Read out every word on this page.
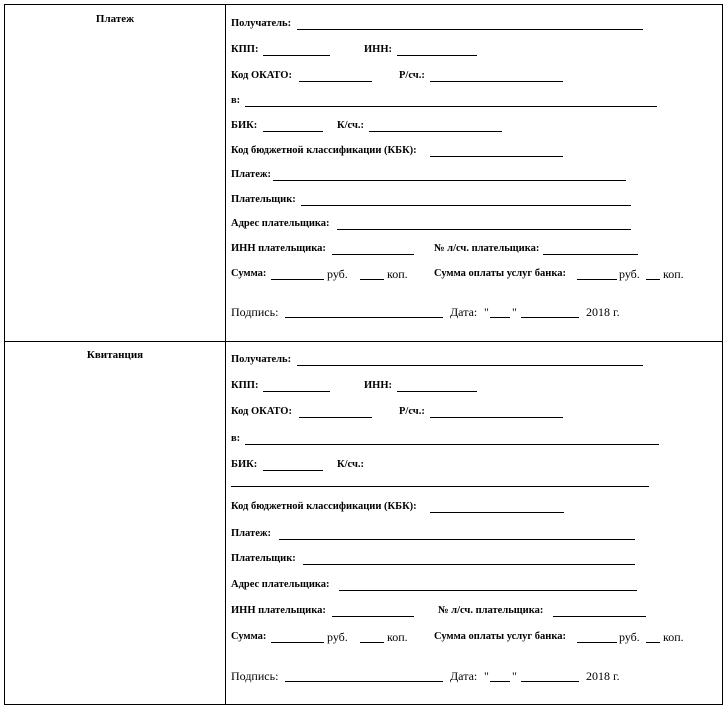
Платеж	Получатель:
КПП:	ИНН:
Код ОКАТО:	Р/сч.:
в:
БИК:	К/сч.:
Код бюджетной классификации (КБК):
Платеж:
Плательщик:
Адрес плательщика:
ИНН плательщика:	№ л/сч. плательщика:
Сумма:	руб.	коп.	Сумма оплаты услуг банка:	руб. коп.
Подпись:	Дата: " "	2018 г.
Квитанция	Получатель:
КПП:	ИНН:
Код ОКАТО:	Р/сч.:
в:
БИК:	К/сч.:
Код бюджетной классификации (КБК):
Платеж:
Плательщик:
Адрес плательщика:
ИНН плательщика:	№ л/сч. плательщика:
Сумма:	руб.	коп.	Сумма оплаты услуг банка:	руб. коп.
Подпись:	Дата: " "	2018 г.
